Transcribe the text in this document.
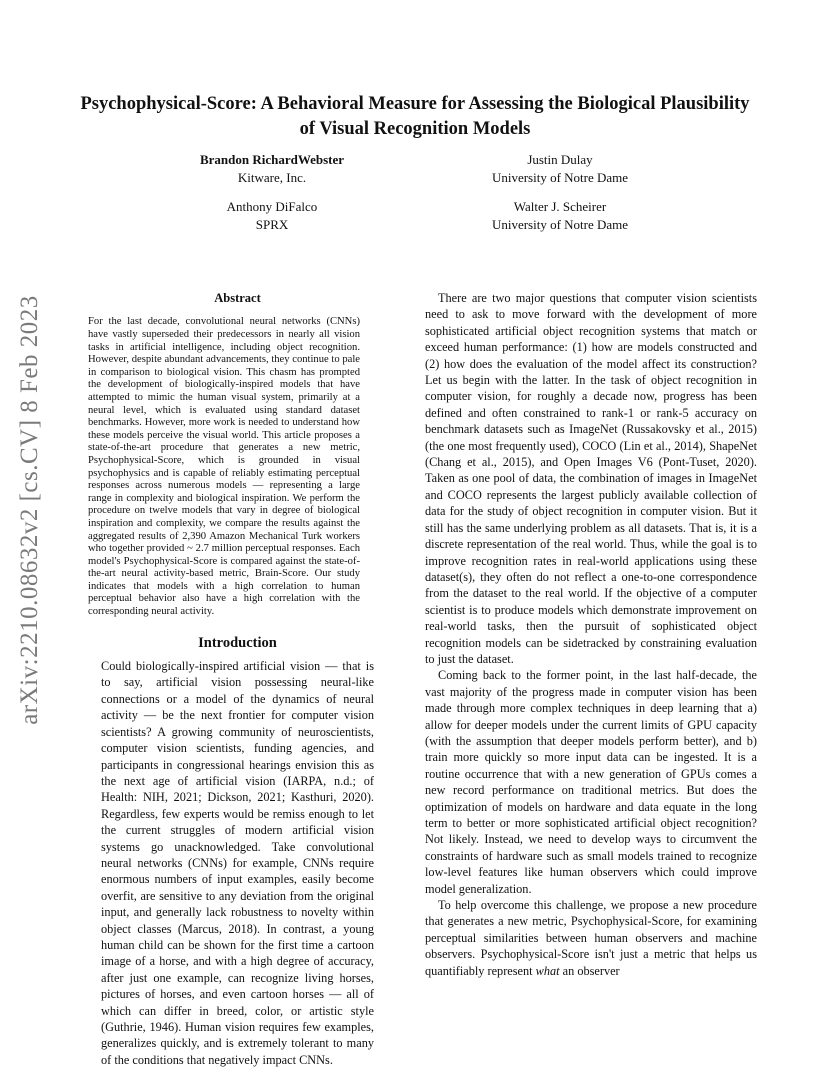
arXiv:2210.08632v2 [cs.CV] 8 Feb 2023
Psychophysical-Score: A Behavioral Measure for Assessing the Biological Plausibility of Visual Recognition Models
Brandon RichardWebster
Kitware, Inc.
Justin Dulay
University of Notre Dame
Anthony DiFalco
SPRX
Walter J. Scheirer
University of Notre Dame
Abstract

For the last decade, convolutional neural networks (CNNs) have vastly superseded their predecessors in nearly all vision tasks in artificial intelligence, including object recognition. However, despite abundant advancements, they continue to pale in comparison to biological vision. This chasm has prompted the development of biologically-inspired models that have attempted to mimic the human visual system, primarily at a neural level, which is evaluated using standard dataset benchmarks. However, more work is needed to understand how these models perceive the visual world. This article proposes a state-of-the-art procedure that generates a new metric, Psychophysical-Score, which is grounded in visual psychophysics and is capable of reliably estimating perceptual responses across numerous models — representing a large range in complexity and biological inspiration. We perform the procedure on twelve models that vary in degree of biological inspiration and complexity, we compare the results against the aggregated results of 2,390 Amazon Mechanical Turk workers who together provided ~ 2.7 million perceptual responses. Each model's Psychophysical-Score is compared against the state-of-the-art neural activity-based metric, Brain-Score. Our study indicates that models with a high correlation to human perceptual behavior also have a high correlation with the corresponding neural activity.

Introduction

Could biologically-inspired artificial vision — that is to say, artificial vision possessing neural-like connections or a model of the dynamics of neural activity — be the next frontier for computer vision scientists? A growing community of neuroscientists, computer vision scientists, funding agencies, and participants in congressional hearings envision this as the next age of artificial vision (IARPA, n.d.; of Health: NIH, 2021; Dickson, 2021; Kasthuri, 2020). Regardless, few experts would be remiss enough to let the current struggles of modern artificial vision systems go unacknowledged. Take convolutional neural networks (CNNs) for example, CNNs require enormous numbers of input examples, easily become overfit, are sensitive to any deviation from the original input, and generally lack robustness to novelty within object classes (Marcus, 2018). In contrast, a young human child can be shown for the first time a cartoon image of a horse, and with a high degree of accuracy, after just one example, can recognize living horses, pictures of horses, and even cartoon horses — all of which can differ in breed, color, or artistic style (Guthrie, 1946). Human vision requires few examples, generalizes quickly, and is extremely tolerant to many of the conditions that negatively impact CNNs.

There are two major questions that computer vision scientists need to ask to move forward with the development of more sophisticated artificial object recognition systems that match or exceed human performance: (1) how are models constructed and (2) how does the evaluation of the model affect its construction? Let us begin with the latter. In the task of object recognition in computer vision, for roughly a decade now, progress has been defined and often constrained to rank-1 or rank-5 accuracy on benchmark datasets such as ImageNet (Russakovsky et al., 2015) (the one most frequently used), COCO (Lin et al., 2014), ShapeNet (Chang et al., 2015), and Open Images V6 (Pont-Tuset, 2020). Taken as one pool of data, the combination of images in ImageNet and COCO represents the largest publicly available collection of data for the study of object recognition in computer vision. But it still has the same underlying problem as all datasets. That is, it is a discrete representation of the real world. Thus, while the goal is to improve recognition rates in real-world applications using these dataset(s), they often do not reflect a one-to-one correspondence from the dataset to the real world. If the objective of a computer scientist is to produce models which demonstrate improvement on real-world tasks, then the pursuit of sophisticated object recognition models can be sidetracked by constraining evaluation to just the dataset.

Coming back to the former point, in the last half-decade, the vast majority of the progress made in computer vision has been made through more complex techniques in deep learning that a) allow for deeper models under the current limits of GPU capacity (with the assumption that deeper models perform better), and b) train more quickly so more input data can be ingested. It is a routine occurrence that with a new generation of GPUs comes a new record performance on traditional metrics. But does the optimization of models on hardware and data equate in the long term to better or more sophisticated artificial object recognition? Not likely. Instead, we need to develop ways to circumvent the constraints of hardware such as small models trained to recognize low-level features like human observers which could improve model generalization.

To help overcome this challenge, we propose a new procedure that generates a new metric, Psychophysical-Score, for examining perceptual similarities between human observers and machine observers. Psychophysical-Score isn't just a metric that helps us quantifiably represent what an observer
